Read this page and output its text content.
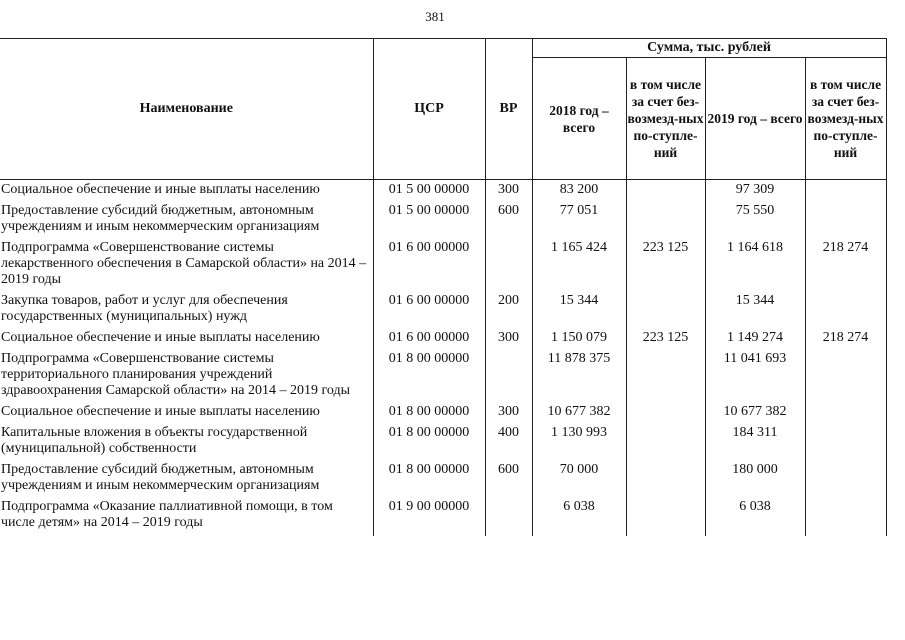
381
Наименование	ЦСР	ВР	Сумма, тыс. рублей			
			2018 год – всего	в том числе за счет без-возмезд-ных по-ступле-ний	2019 год – всего	в том числе за счет без-возмезд-ных по-ступле-ний
Социальное обеспечение и иные выплаты населению	01 5 00 00000	300	83 200		97 309	
Предоставление субсидий бюджетным, автономным учреждениям и иным некоммерческим организациям	01 5 00 00000	600	77 051		75 550	
Подпрограмма «Совершенствование системы лекарственного обеспечения в Самарской области» на 2014 – 2019 годы	01 6 00 00000		1 165 424	223 125	1 164 618	218 274
Закупка товаров, работ и услуг для обеспечения государственных (муниципальных) нужд	01 6 00 00000	200	15 344		15 344	
Социальное обеспечение и иные выплаты населению	01 6 00 00000	300	1 150 079	223 125	1 149 274	218 274
Подпрограмма «Совершенствование системы территориального планирования учреждений здравоохранения Самарской области» на 2014 – 2019 годы	01 8 00 00000		11 878 375		11 041 693	
Социальное обеспечение и иные выплаты населению	01 8 00 00000	300	10 677 382		10 677 382	
Капитальные вложения в объекты государственной (муниципальной) собственности	01 8 00 00000	400	1 130 993		184 311	
Предоставление субсидий бюджетным, автономным учреждениям и иным некоммерческим организациям	01 8 00 00000	600	70 000		180 000	
Подпрограмма «Оказание паллиативной помощи, в том числе детям» на 2014 – 2019 годы	01 9 00 00000		6 038		6 038	
